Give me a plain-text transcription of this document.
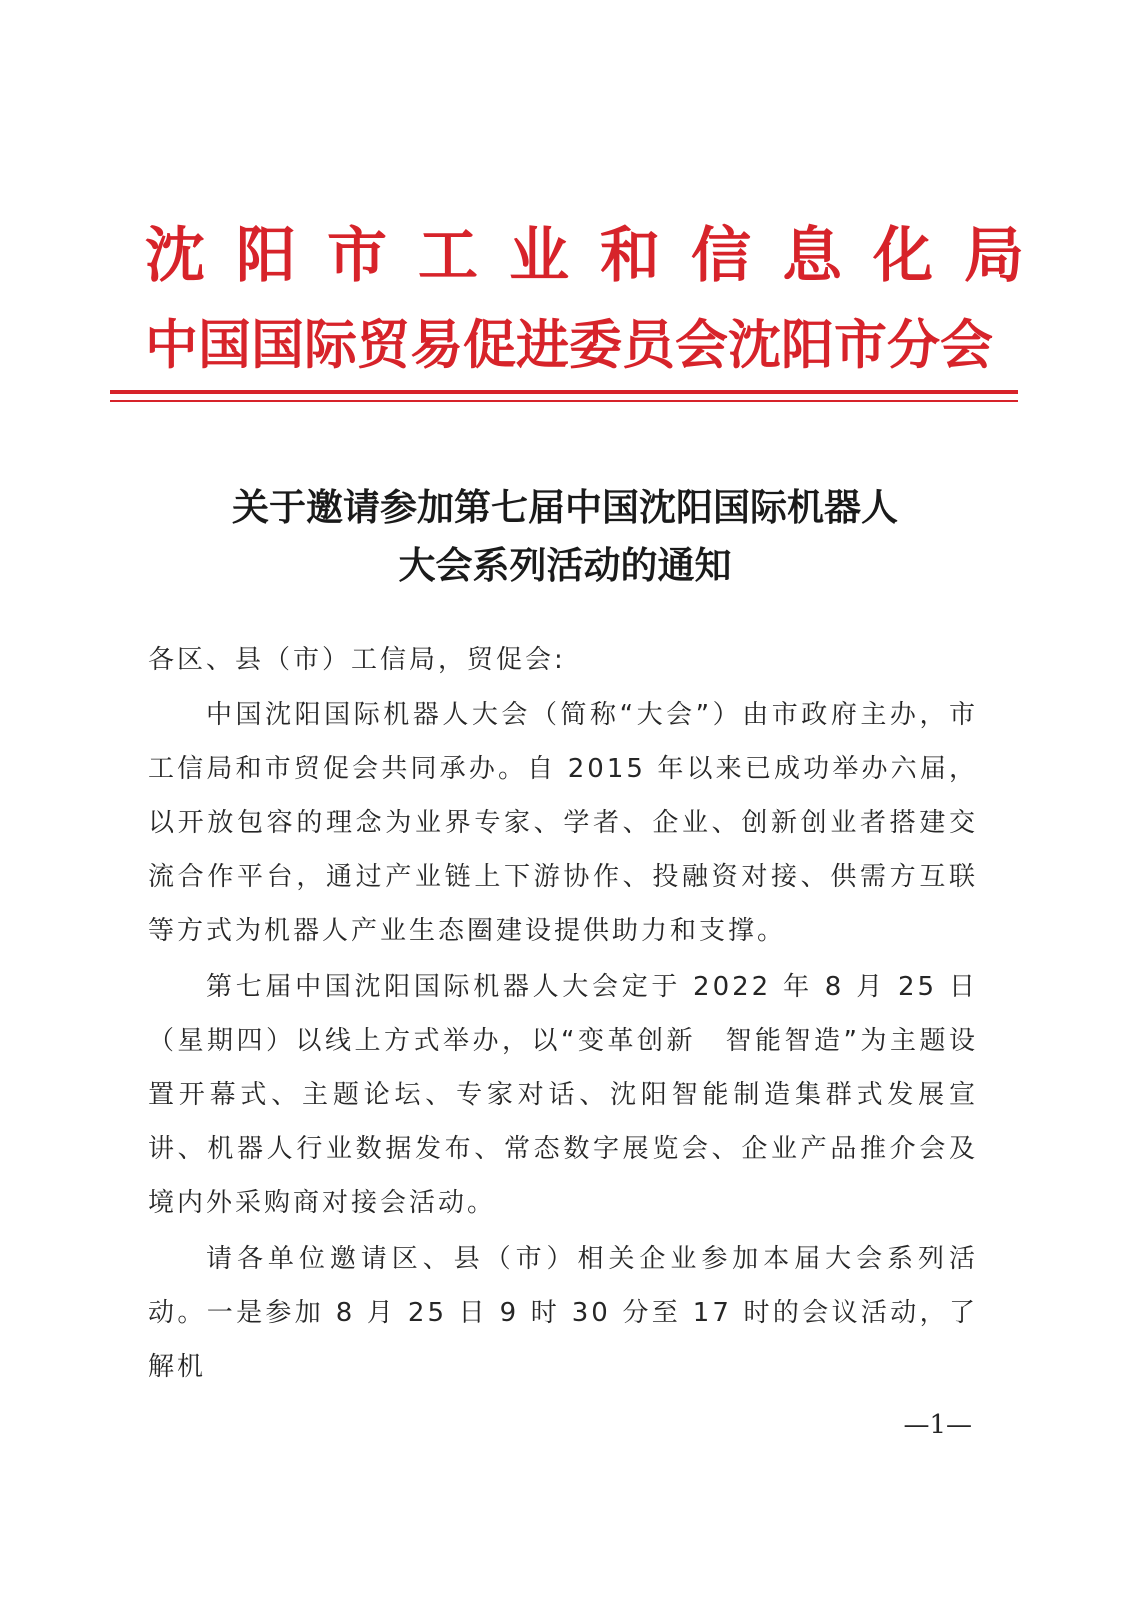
沈阳市工业和信息化局
中国国际贸易促进委员会沈阳市分会
关于邀请参加第七届中国沈阳国际机器人
大会系列活动的通知

各区、县（市）工信局，贸促会:

中国沈阳国际机器人大会（简称“大会”）由市政府主办，市工信局和市贸促会共同承办。自 2015 年以来已成功举办六届，以开放包容的理念为业界专家、学者、企业、创新创业者搭建交流合作平台，通过产业链上下游协作、投融资对接、供需方互联等方式为机器人产业生态圈建设提供助力和支撑。

第七届中国沈阳国际机器人大会定于 2022 年 8 月 25 日（星期四）以线上方式举办，以“变革创新　智能智造”为主题设置开幕式、主题论坛、专家对话、沈阳智能制造集群式发展宣讲、机器人行业数据发布、常态数字展览会、企业产品推介会及境内外采购商对接会活动。

请各单位邀请区、县（市）相关企业参加本届大会系列活动。一是参加 8 月 25 日 9 时 30 分至 17 时的会议活动，了解机

—1—
